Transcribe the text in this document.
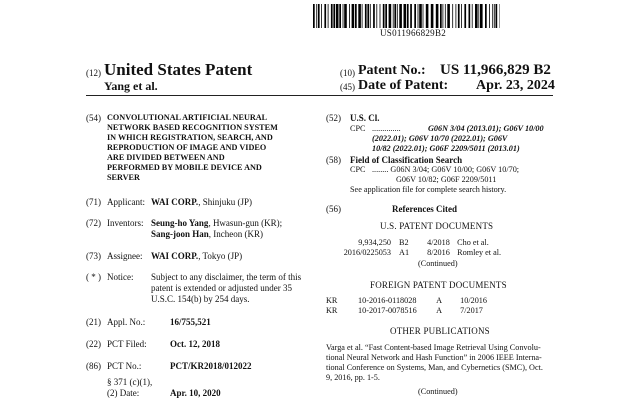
US011966829B2
(12) United States Patent
Yang et al.
(10) Patent No.: US 11,966,829 B2
(45) Date of Patent: Apr. 23, 2024
(54) CONVOLUTIONAL ARTIFICIAL NEURAL
NETWORK BASED RECOGNITION SYSTEM
IN WHICH REGISTRATION, SEARCH, AND
REPRODUCTION OF IMAGE AND VIDEO
ARE DIVIDED BETWEEN AND
PERFORMED BY MOBILE DEVICE AND
SERVER
(71) Applicant: WAI CORP., Shinjuku (JP)
(72) Inventors: Seung-ho Yang, Hwasun-gun (KR);
Sang-joon Han, Incheon (KR)
(73) Assignee: WAI CORP., Tokyo (JP)
( * ) Notice: Subject to any disclaimer, the term of this
patent is extended or adjusted under 35
U.S.C. 154(b) by 254 days.
(21) Appl. No.:	16/755,521
(22) PCT Filed:	Oct. 12, 2018
(86) PCT No.:	PCT/KR2018/012022
§ 371 (c)(1),
(2) Date:	Apr. 10, 2020
(52) U.S. Cl.
CPC ..............	G06N 3/04 (2013.01); G06V 10/00
(2022.01); G06V 10/70 (2022.01); G06V
10/82 (2022.01); G06F 2209/5011 (2013.01)
(58) Field of Classification Search
CPC ........ G06N 3/04; G06V 10/00; G06V 10/70;
G06V 10/82; G06F 2209/5011
See application file for complete search history.
(56)	References Cited
U.S. PATENT DOCUMENTS
9,934,250 B2 4/2018 Cho et al.
2016/0225053 A1 8/2016 Romley et al.
(Continued)
FOREIGN PATENT DOCUMENTS
KR	10-2016-0118028 A 10/2016
KR	10-2017-0078516 A 7/2017
OTHER PUBLICATIONS
Varga et al. “Fast Content-based Image Retrieval Using Convolu-
tional Neural Network and Hash Function” in 2006 IEEE Interna-
tional Conference on Systems, Man, and Cybernetics (SMC), Oct.
9, 2016, pp. 1-5.
(Continued)
